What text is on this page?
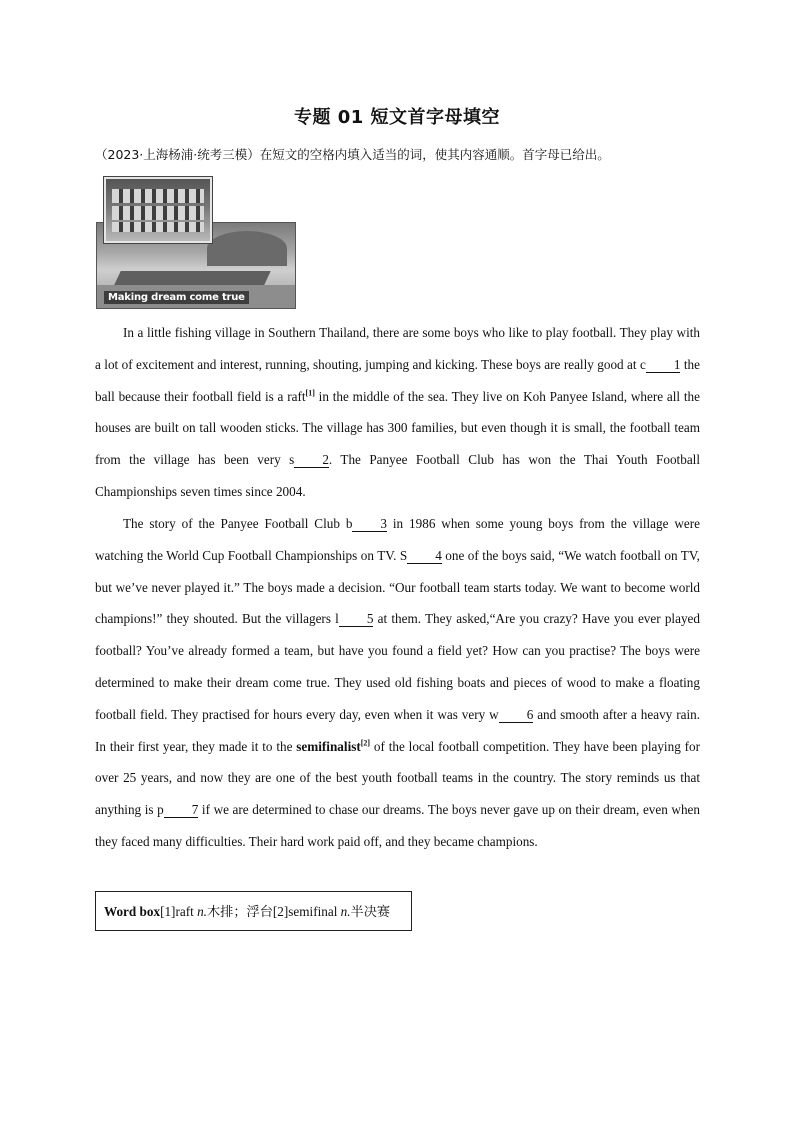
专题 01 短文首字母填空
（2023·上海杨浦·统考三模）在短文的空格内填入适当的词，使其内容通顺。首字母已给出。
Making dream come true

In a little fishing village in Southern Thailand, there are some boys who like to play football. They play with a lot of excitement and interest, running, shouting, jumping and kicking. These boys are really good at c 1 the ball because their football field is a raft[1] in the middle of the sea. They live on Koh Panyee Island, where all the houses are built on tall wooden sticks. The village has 300 families, but even though it is small, the football team from the village has been very s 2. The Panyee Football Club has won the Thai Youth Football Championships seven times since 2004.

The story of the Panyee Football Club b 3 in 1986 when some young boys from the village were watching the World Cup Football Championships on TV. S 4 one of the boys said, “We watch football on TV, but we’ve never played it.” The boys made a decision. “Our football team starts today. We want to become world champions!” they shouted. But the villagers l 5 at them. They asked,“Are you crazy? Have you ever played football? You’ve already formed a team, but have you found a field yet? How can you practise? The boys were determined to make their dream come true. They used old fishing boats and pieces of wood to make a floating football field. They practised for hours every day, even when it was very w 6 and smooth after a heavy rain. In their first year, they made it to the semifinalist[2] of the local football competition. They have been playing for over 25 years, and now they are one of the best youth football teams in the country. The story reminds us that anything is p 7 if we are determined to chase our dreams. The boys never gave up on their dream, even when they faced many difficulties. Their hard work paid off, and they became champions.

Word box[1]raft n.木排；浮台[2]semifinal n.半决赛
